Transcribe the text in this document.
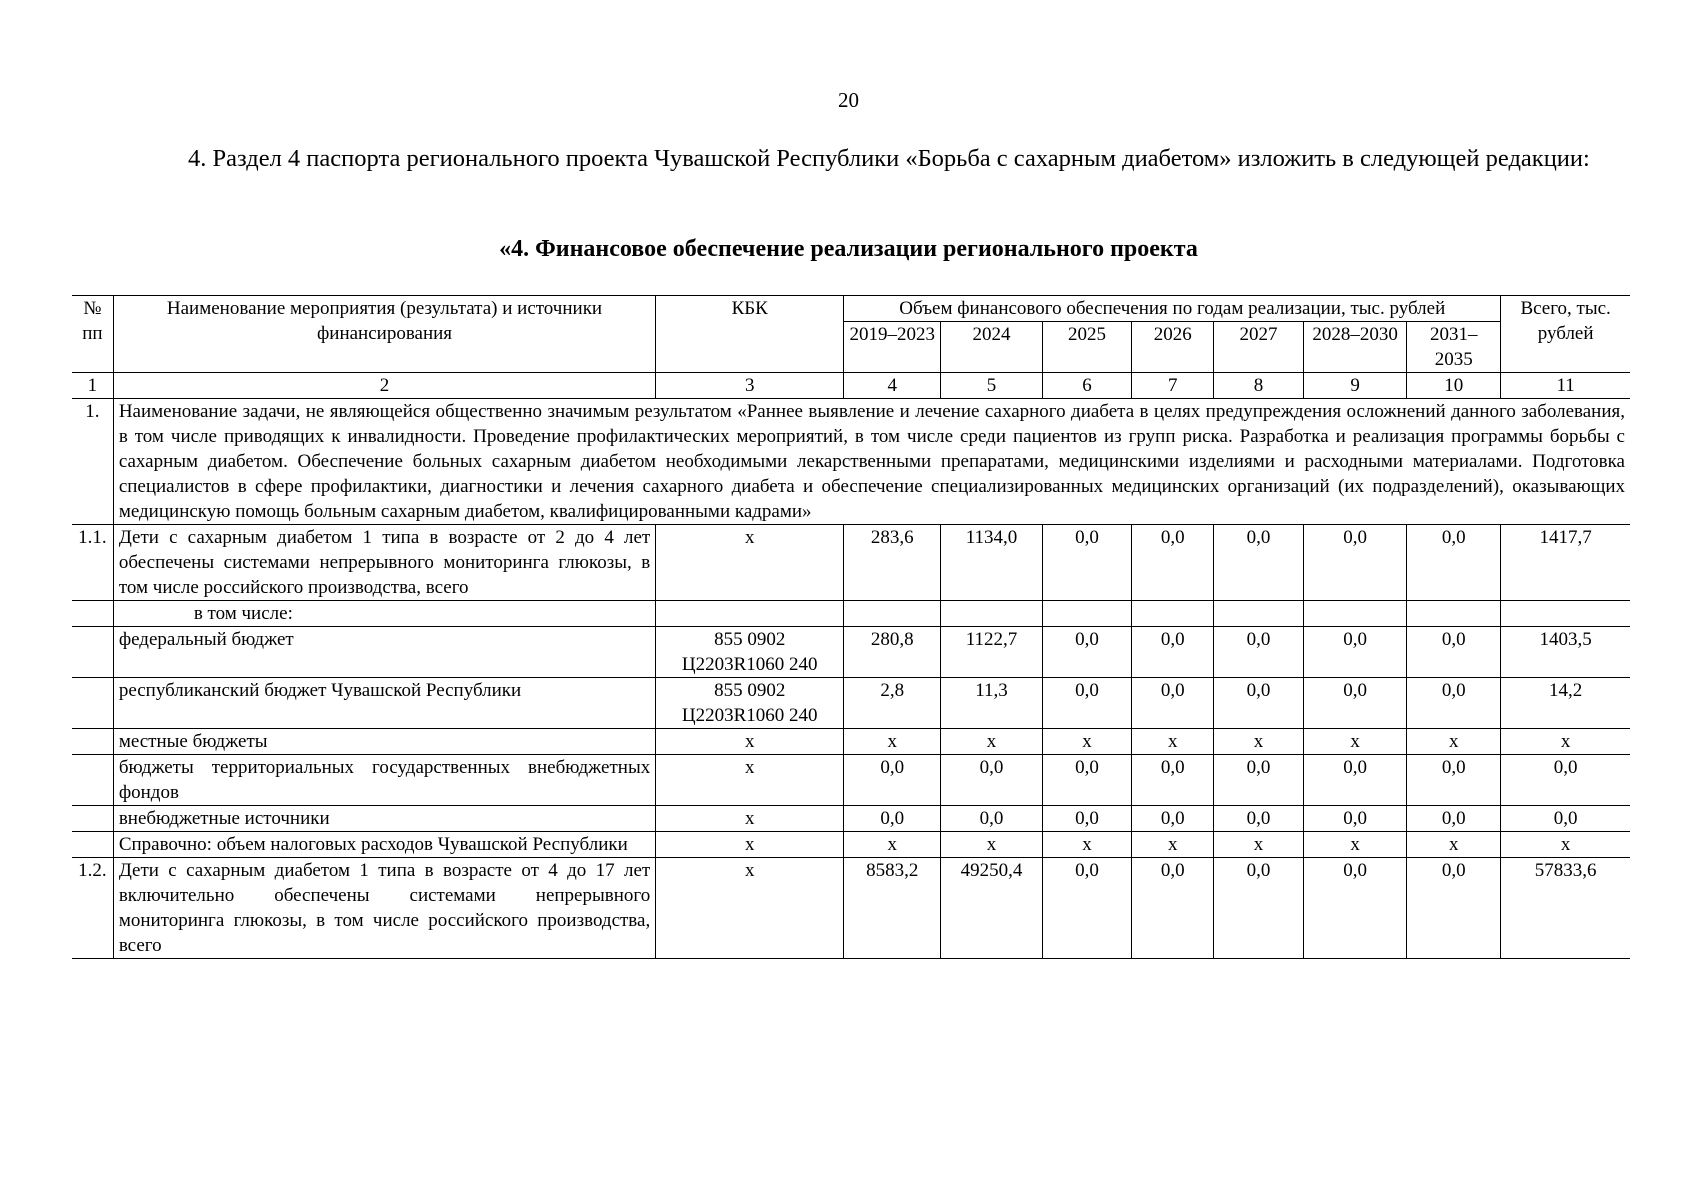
20

4. Раздел 4 паспорта регионального проекта Чувашской Республики «Борьба с сахарным диабетом» изложить в следующей редакции:

«4. Финансовое обеспечение реализации регионального проекта
№ пп	Наименование мероприятия (результата) и источники финансирования	КБК	Объем финансового обеспечения по годам реализации, тыс. рублей							Всего, тыс. рублей
			2019–2023	2024	2025	2026	2027	2028–2030	2031–2035	
1	2	3	4	5	6	7	8	9	10	11
1.	Наименование задачи, не являющейся общественно значимым результатом «Раннее выявление и лечение сахарного диабета в целях предупреждения осложнений данного заболевания, в том числе приводящих к инвалидности. Проведение профилактических мероприятий, в том числе среди пациентов из групп риска. Разработка и реализация программы борьбы с сахарным диабетом. Обеспечение больных сахарным диабетом необходимыми лекарственными препаратами, медицинскими изделиями и расходными материалами. Подготовка специалистов в сфере профилактики, диагностики и лечения сахарного диабета и обеспечение специализированных медицинских организаций (их подразделений), оказывающих медицинскую помощь больным сахарным диабетом, квалифицированными кадрами»									
1.1.	Дети с сахарным диабетом 1 типа в возрасте от 2 до 4 лет обеспечены системами непрерывного мониторинга глюкозы, в том числе российского производства, всего	x	283,6	1134,0	0,0	0,0	0,0	0,0	0,0	1417,7
	в том числе:									
	федеральный бюджет	855 0902 Ц2203R1060 240	280,8	1122,7	0,0	0,0	0,0	0,0	0,0	1403,5
	республиканский бюджет Чувашской Республики	855 0902 Ц2203R1060 240	2,8	11,3	0,0	0,0	0,0	0,0	0,0	14,2
	местные бюджеты	x	x	x	x	x	x	x	x	x
	бюджеты территориальных государственных внебюджетных фондов	x	0,0	0,0	0,0	0,0	0,0	0,0	0,0	0,0
	внебюджетные источники	x	0,0	0,0	0,0	0,0	0,0	0,0	0,0	0,0
	Справочно: объем налоговых расходов Чувашской Республики	x	x	x	x	x	x	x	x	x
1.2.	Дети с сахарным диабетом 1 типа в возрасте от 4 до 17 лет включительно обеспечены системами непрерывного мониторинга глюкозы, в том числе российского производства, всего	x	8583,2	49250,4	0,0	0,0	0,0	0,0	0,0	57833,6
